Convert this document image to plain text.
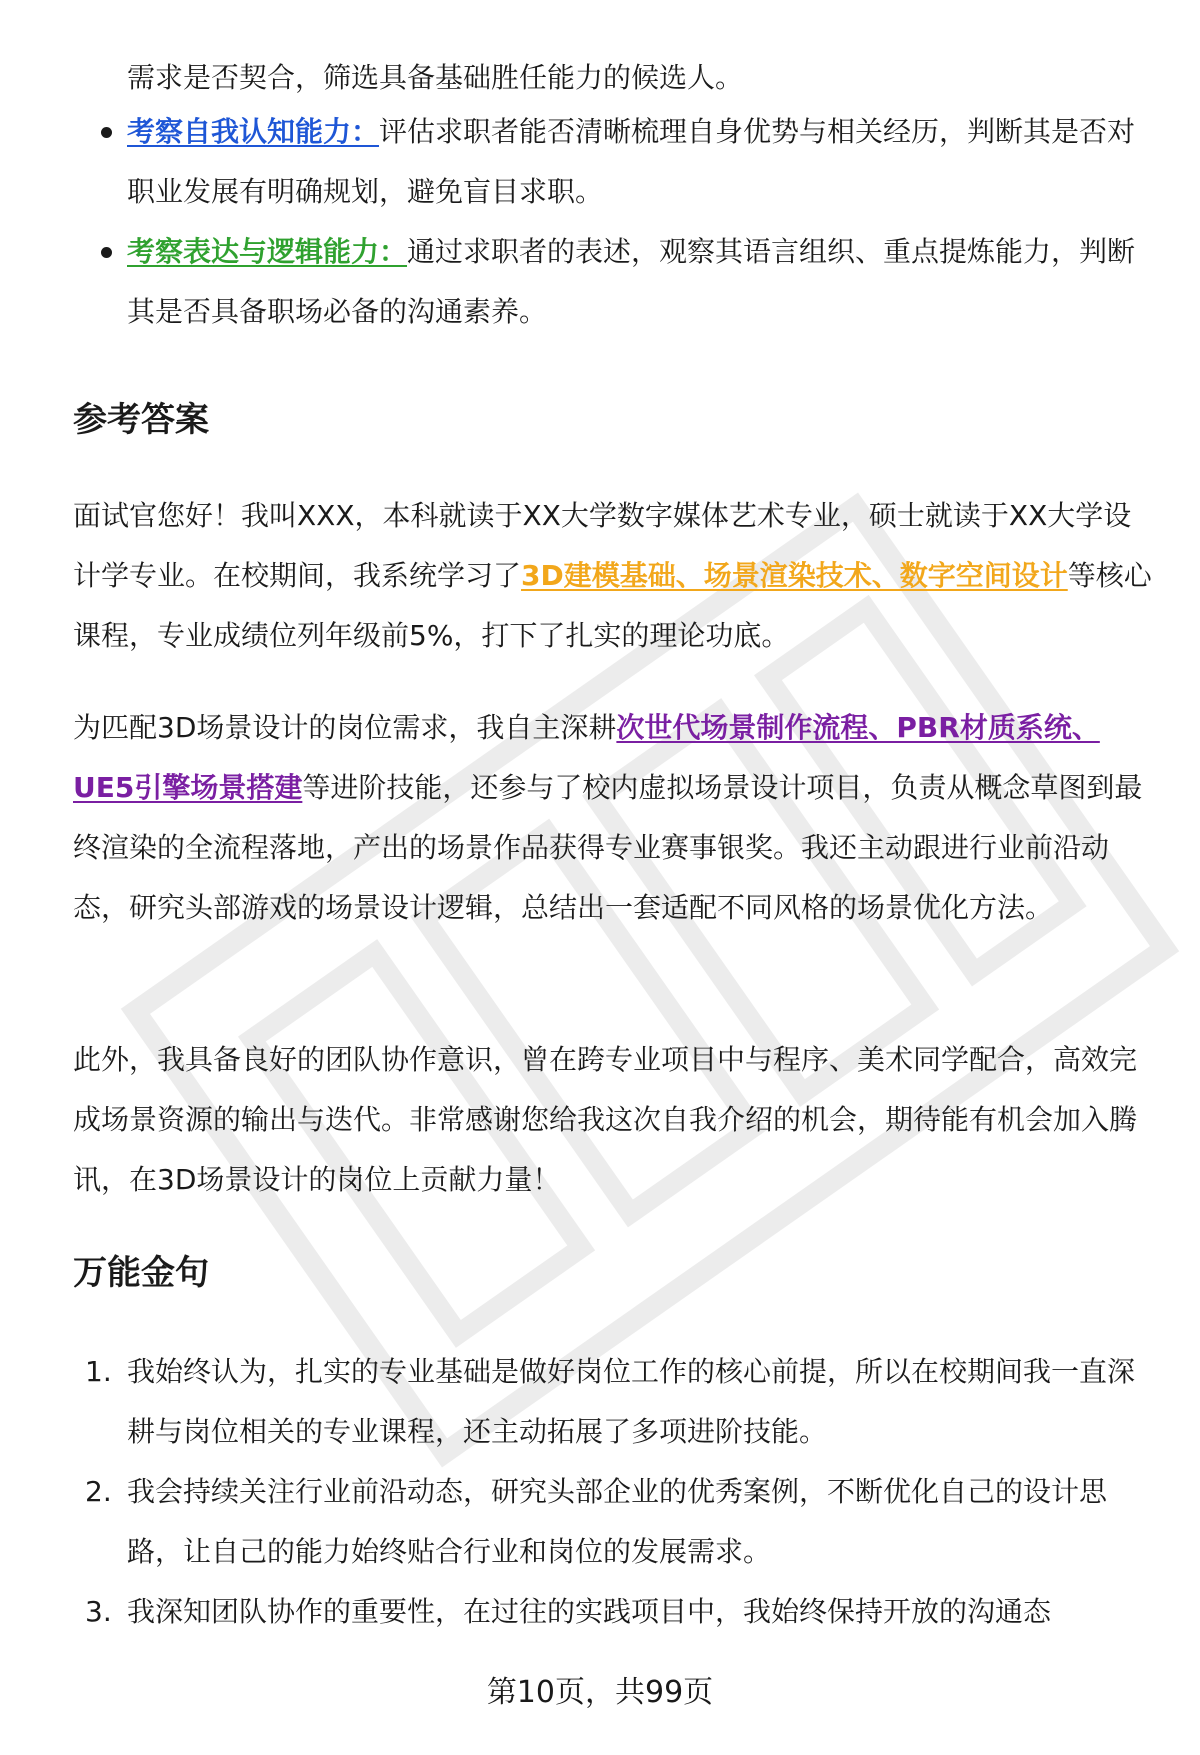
需求是否契合，筛选具备基础胜任能力的候选人。

考察自我认知能力：评估求职者能否清晰梳理自身优势与相关经历，判断其是否对职业发展有明确规划，避免盲目求职。
考察表达与逻辑能力：通过求职者的表述，观察其语言组织、重点提炼能力，判断其是否具备职场必备的沟通素养。
参考答案

面试官您好！我叫XXX，本科就读于XX大学数字媒体艺术专业，硕士就读于XX大学设计学专业。在校期间，我系统学习了3D建模基础、场景渲染技术、数字空间设计等核心课程，专业成绩位列年级前5%，打下了扎实的理论功底。

为匹配3D场景设计的岗位需求，我自主深耕次世代场景制作流程、PBR材质系统、UE5引擎场景搭建等进阶技能，还参与了校内虚拟场景设计项目，负责从概念草图到最终渲染的全流程落地，产出的场景作品获得专业赛事银奖。我还主动跟进行业前沿动态，研究头部游戏的场景设计逻辑，总结出一套适配不同风格的场景优化方法。

此外，我具备良好的团队协作意识，曾在跨专业项目中与程序、美术同学配合，高效完成场景资源的输出与迭代。非常感谢您给我这次自我介绍的机会，期待能有机会加入腾讯，在3D场景设计的岗位上贡献力量！

万能金句
1. 我始终认为，扎实的专业基础是做好岗位工作的核心前提，所以在校期间我一直深耕与岗位相关的专业课程，还主动拓展了多项进阶技能。
2. 我会持续关注行业前沿动态，研究头部企业的优秀案例，不断优化自己的设计思路，让自己的能力始终贴合行业和岗位的发展需求。
3. 我深知团队协作的重要性，在过往的实践项目中，我始终保持开放的沟通态
第10页，共99页
